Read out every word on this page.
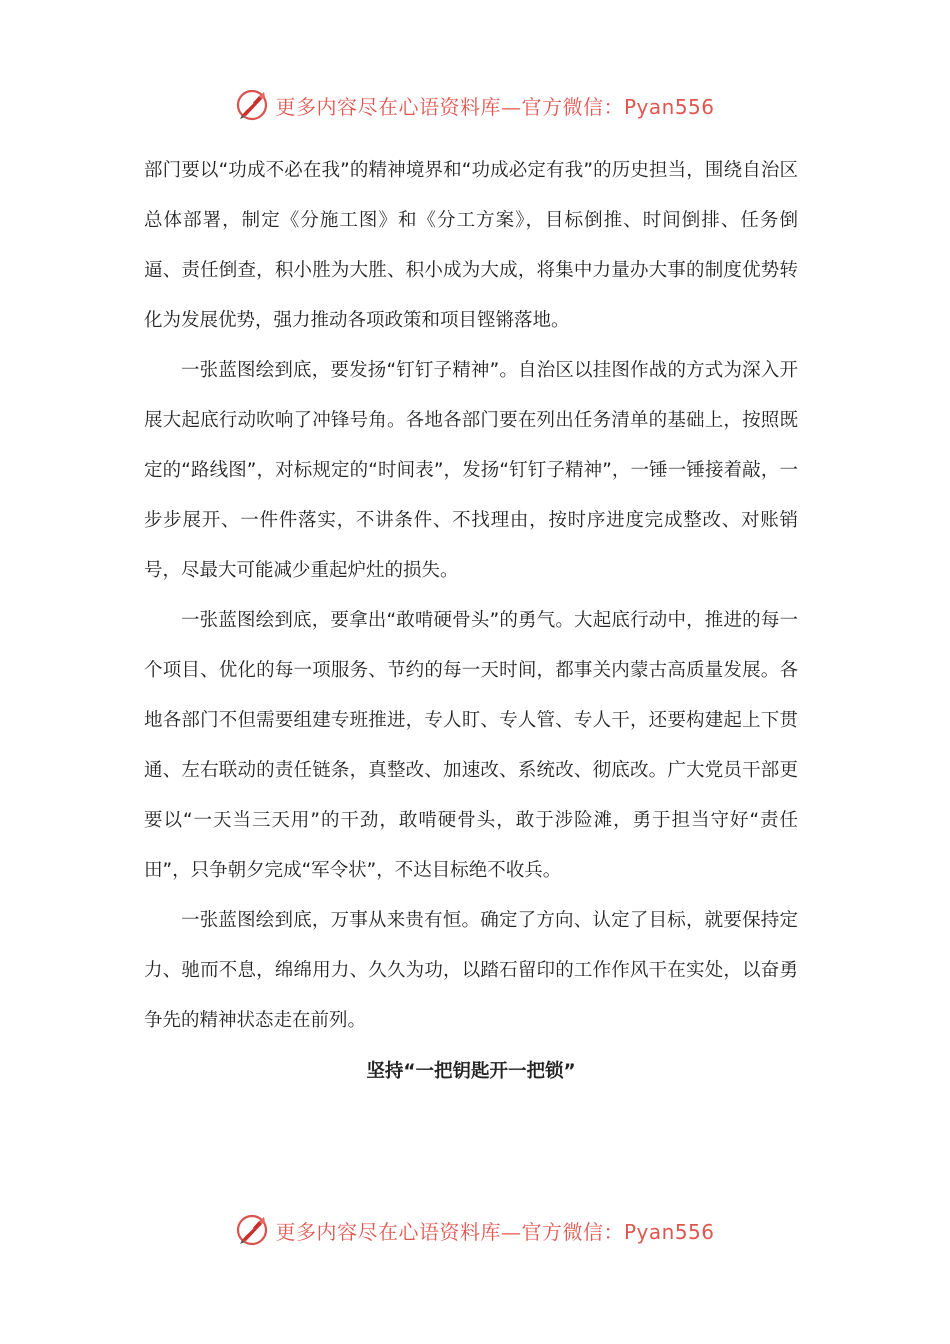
更多内容尽在心语资料库—官方微信：Pyan556

部门要以“功成不必在我”的精神境界和“功成必定有我”的历史担当，围绕自治区总体部署，制定《分施工图》和《分工方案》，目标倒推、时间倒排、任务倒逼、责任倒查，积小胜为大胜、积小成为大成，将集中力量办大事的制度优势转化为发展优势，强力推动各项政策和项目铿锵落地。

一张蓝图绘到底，要发扬“钉钉子精神”。自治区以挂图作战的方式为深入开展大起底行动吹响了冲锋号角。各地各部门要在列出任务清单的基础上，按照既定的“路线图”，对标规定的“时间表”，发扬“钉钉子精神”，一锤一锤接着敲，一步步展开、一件件落实，不讲条件、不找理由，按时序进度完成整改、对账销号，尽最大可能减少重起炉灶的损失。

一张蓝图绘到底，要拿出“敢啃硬骨头”的勇气。大起底行动中，推进的每一个项目、优化的每一项服务、节约的每一天时间，都事关内蒙古高质量发展。各地各部门不但需要组建专班推进，专人盯、专人管、专人干，还要构建起上下贯通、左右联动的责任链条，真整改、加速改、系统改、彻底改。广大党员干部更要以“一天当三天用”的干劲，敢啃硬骨头，敢于涉险滩，勇于担当守好“责任田”，只争朝夕完成“军令状”，不达目标绝不收兵。

一张蓝图绘到底，万事从来贵有恒。确定了方向、认定了目标，就要保持定力、驰而不息，绵绵用力、久久为功，以踏石留印的工作作风干在实处，以奋勇争先的精神状态走在前列。

坚持“一把钥匙开一把锁”

更多内容尽在心语资料库—官方微信：Pyan556
